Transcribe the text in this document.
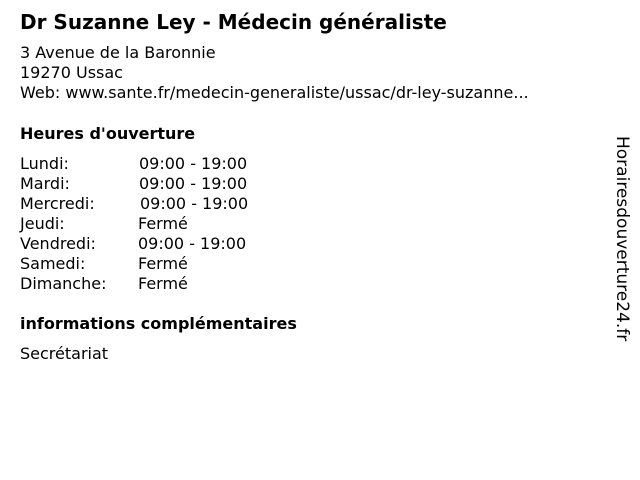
Dr Suzanne Ley - Médecin généraliste
3 Avenue de la Baronnie
19270 Ussac
Web: www.sante.fr/medecin-generaliste/ussac/dr-ley-suzanne...
Heures d'ouverture
Lundi:	09:00 - 19:00
Mardi:	09:00 - 19:00
Mercredi:	09:00 - 19:00
Jeudi:	Fermé
Vendredi:	09:00 - 19:00
Samedi:	Fermé
Dimanche: Fermé
informations complémentaires
Secrétariat
Horairesdouverture24.fr
